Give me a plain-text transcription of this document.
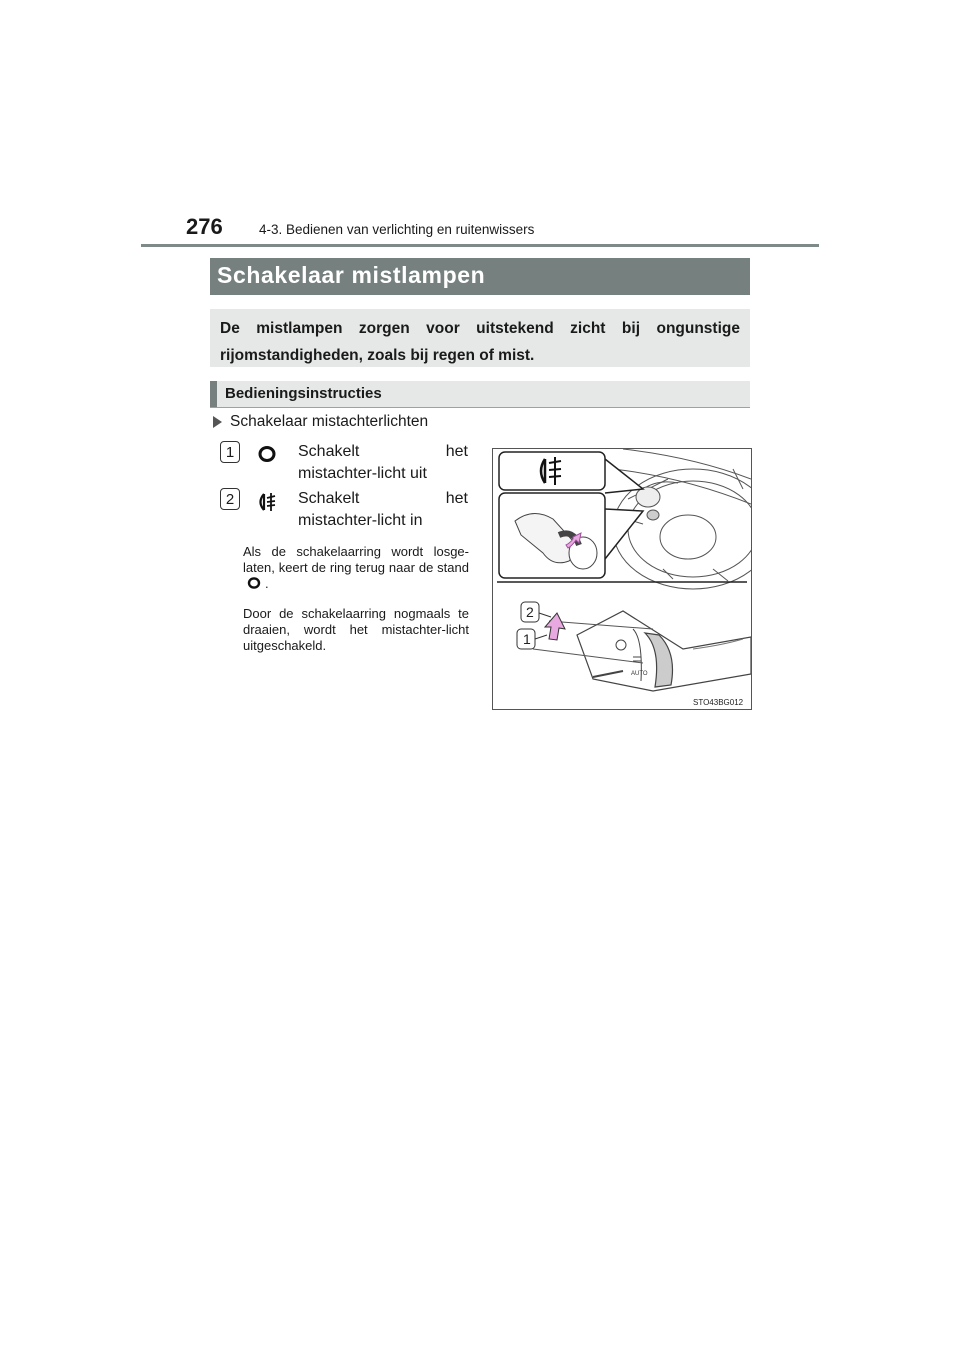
276	4-3. Bedienen van verlichting en ruitenwissers
Schakelaar mistlampen
De mistlampen zorgen voor uitstekend zicht bij ongunstige rijomstandigheden, zoals bij regen of mist.
Bedieningsinstructies
Schakelaar mistachterlichten
1	Schakelt het mistachter-licht uit
2	Schakelt het mistachter-licht in
Als de schakelaarring wordt losge-laten, keert de ring terug naar de stand .
Door de schakelaarring nogmaals te draaien, wordt het mistachter-licht uitgeschakeld.
AUTO
2
1
STO43BG012
